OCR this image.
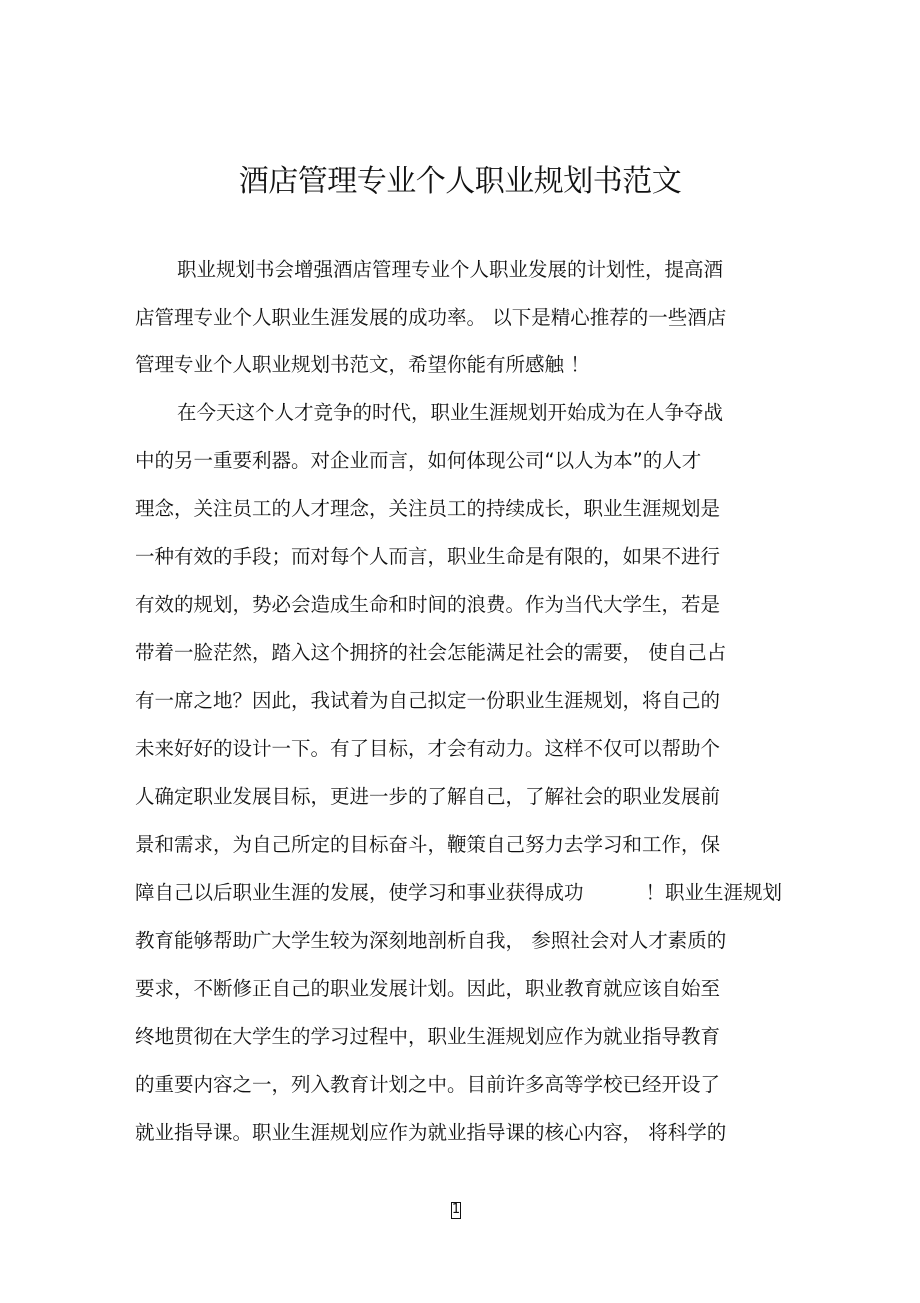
酒店管理专业个人职业规划书范文
职业规划书会增强酒店管理专业个人职业发展的计划性，提高酒
店管理专业个人职业生涯发展的成功率。 以下是精心推荐的一些酒店
管理专业个人职业规划书范文，希望你能有所感触 ！
在今天这个人才竞争的时代，职业生涯规划开始成为在人争夺战
中的另一重要利器。对企业而言，如何体现公司“以人为本”的人才
理念，关注员工的人才理念，关注员工的持续成长，职业生涯规划是
一种有效的手段；而对每个人而言，职业生命是有限的，如果不进行
有效的规划，势必会造成生命和时间的浪费。作为当代大学生，若是
带着一脸茫然，踏入这个拥挤的社会怎能满足社会的需要， 使自己占
有一席之地？因此，我试着为自己拟定一份职业生涯规划，将自己的
未来好好的设计一下。有了目标，才会有动力。这样不仅可以帮助个
人确定职业发展目标，更进一步的了解自己，了解社会的职业发展前
景和需求，为自己所定的目标奋斗，鞭策自己努力去学习和工作，保
障自己以后职业生涯的发展，使学习和事业获得成功	！职业生涯规划
教育能够帮助广大学生较为深刻地剖析自我， 参照社会对人才素质的
要求，不断修正自己的职业发展计划。因此，职业教育就应该自始至
终地贯彻在大学生的学习过程中，职业生涯规划应作为就业指导教育
的重要内容之一，列入教育计划之中。目前许多高等学校已经开设了
就业指导课。职业生涯规划应作为就业指导课的核心内容， 将科学的
1
